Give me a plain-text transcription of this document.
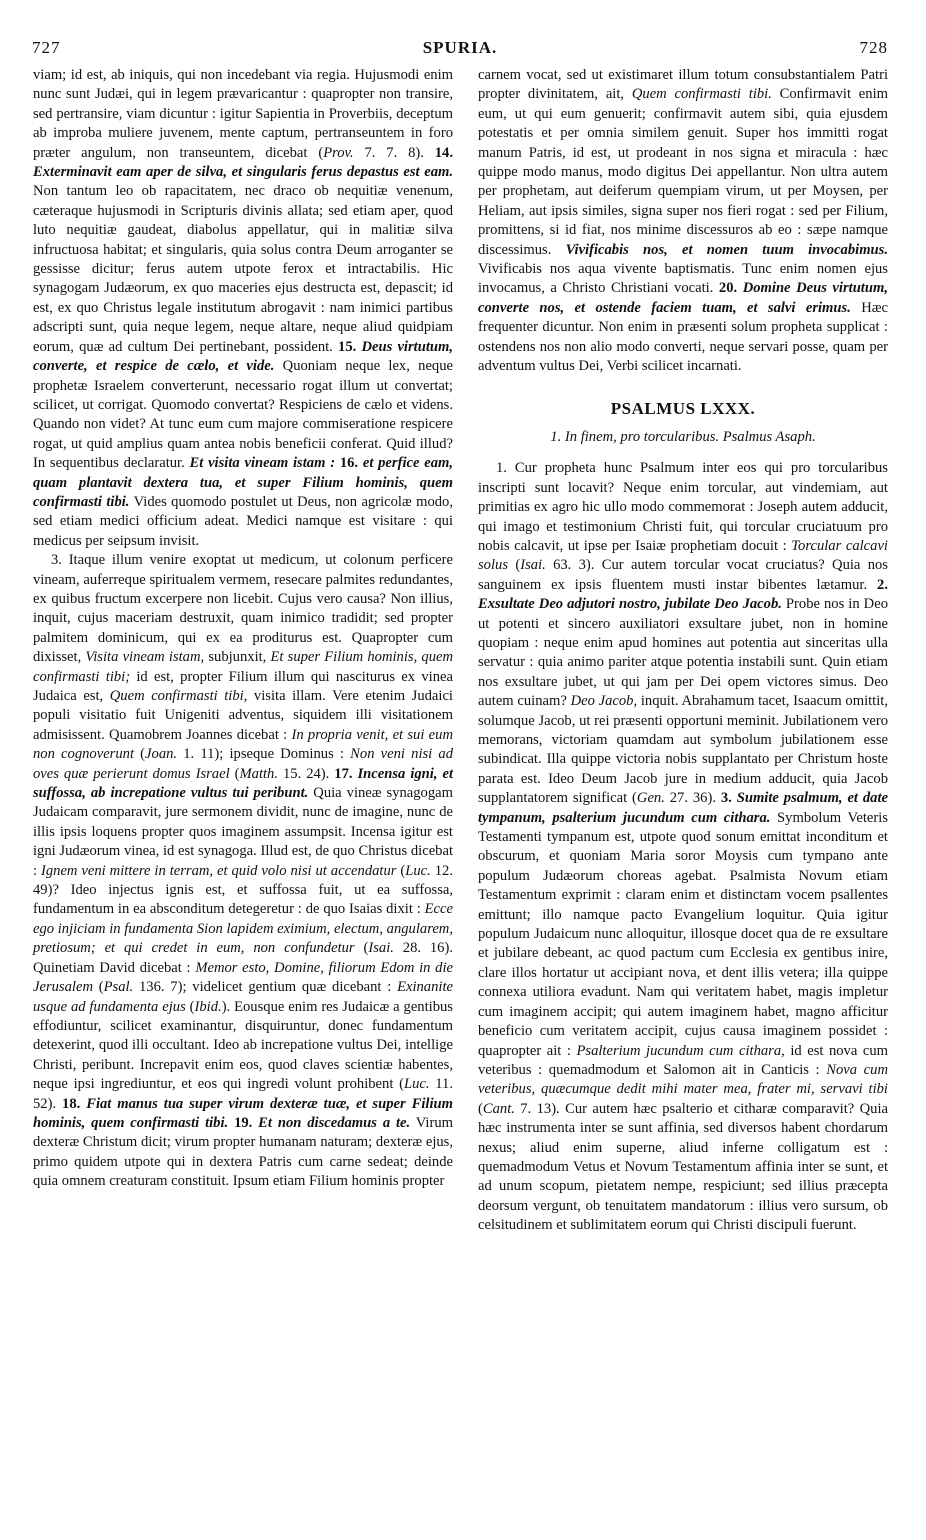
727	SPURIA.	728

viam; id est, ab iniquis, qui non incedebant via regia. Hujusmodi enim nunc sunt Judæi, qui in legem prævaricantur : quapropter non transire, sed pertransire, viam dicuntur : igitur Sapientia in Proverbiis, deceptum ab improba muliere juvenem, mente captum, pertranseuntem in foro præter angulum, non transeuntem, dicebat (Prov. 7. 7. 8). 14. Exterminavit eam aper de silva, et singularis ferus depastus est eam. Non tantum leo ob rapacitatem, nec draco ob nequitiæ venenum, cæteraque hujusmodi in Scripturis divinis allata; sed etiam aper, quod luto nequitiæ gaudeat, diabolus appellatur, qui in malitiæ silva infructuosa habitat; et singularis, quia solus contra Deum arroganter se gessisse dicitur; ferus autem utpote ferox et intractabilis. Hic synagogam Judæorum, ex quo maceries ejus destructa est, depascit; id est, ex quo Christus legale institutum abrogavit : nam inimici partibus adscripti sunt, quia neque legem, neque altare, neque aliud quidpiam eorum, quæ ad cultum Dei pertinebant, possident. 15. Deus virtutum, converte, et respice de cælo, et vide. Quoniam neque lex, neque prophetæ Israelem converterunt, necessario rogat illum ut convertat; scilicet, ut corrigat. Quomodo convertat? Respiciens de cælo et videns. Quando non videt? At tunc eum cum majore commiseratione respicere rogat, ut quid amplius quam antea nobis beneficii conferat. Quid illud? In sequentibus declaratur. Et visita vineam istam : 16. et perfice eam, quam plantavit dextera tua, et super Filium hominis, quem confirmasti tibi. Vides quomodo postulet ut Deus, non agricolæ modo, sed etiam medici officium adeat. Medici namque est visitare : qui medicus per seipsum invisit.

3. Itaque illum venire exoptat ut medicum, ut colonum perficere vineam, auferreque spiritualem vermem, resecare palmites redundantes, ex quibus fructum excerpere non licebit. Cujus vero causa? Non illius, inquit, cujus maceriam destruxit, quam inimico tradidit; sed propter palmitem dominicum, qui ex ea proditurus est. Quapropter cum dixisset, Visita vineam istam, subjunxit, Et super Filium hominis, quem confirmasti tibi; id est, propter Filium illum qui nasciturus ex vinea Judaica est, Quem confirmasti tibi, visita illam. Vere etenim Judaici populi visitatio fuit Unigeniti adventus, siquidem illi visitationem admisissent. Quamobrem Joannes dicebat : In propria venit, et sui eum non cognoverunt (Joan. 1. 11); ipseque Dominus : Non veni nisi ad oves quæ perierunt domus Israel (Matth. 15. 24). 17. Incensa igni, et suffossa, ab increpatione vultus tui peribunt. Quia vineæ synagogam Judaicam comparavit, jure sermonem dividit, nunc de imagine, nunc de illis ipsis loquens propter quos imaginem assumpsit. Incensa igitur est igni Judæorum vinea, id est synagoga. Illud est, de quo Christus dicebat : Ignem veni mittere in terram, et quid volo nisi ut accendatur (Luc. 12. 49)? Ideo injectus ignis est, et suffossa fuit, ut ea suffossa, fundamentum in ea absconditum detegeretur : de quo Isaias dixit : Ecce ego injiciam in fundamenta Sion lapidem eximium, electum, angularem, pretiosum; et qui credet in eum, non confundetur (Isai. 28. 16). Quinetiam David dicebat : Memor esto, Domine, filiorum Edom in die Jerusalem (Psal. 136. 7); videlicet gentium quæ dicebant : Exinanite usque ad fundamenta ejus (Ibid.). Eousque enim res Judaicæ a gentibus effodiuntur, scilicet examinantur, disquiruntur, donec fundamentum detexerint, quod illi occultant. Ideo ab increpatione vultus Dei, intellige Christi, peribunt. Increpavit enim eos, quod claves scientiæ habentes, neque ipsi ingrediuntur, et eos qui ingredi volunt prohibent (Luc. 11. 52). 18. Fiat manus tua super virum dexteræ tuæ, et super Filium hominis, quem confirmasti tibi. 19. Et non discedamus a te. Virum dexteræ Christum dicit; virum propter humanam naturam; dexteræ ejus, primo quidem utpote qui in dextera Patris cum carne sedeat; deinde quia omnem creaturam constituit. Ipsum etiam Filium hominis propter

carnem vocat, sed ut existimaret illum totum consubstantialem Patri propter divinitatem, ait, Quem confirmasti tibi. Confirmavit enim eum, ut qui eum genuerit; confirmavit autem sibi, quia ejusdem potestatis et per omnia similem genuit. Super hos immitti rogat manum Patris, id est, ut prodeant in nos signa et miracula : hæc quippe modo manus, modo digitus Dei appellantur. Non ultra autem per prophetam, aut deiferum quempiam virum, ut per Moysen, per Heliam, aut ipsis similes, signa super nos fieri rogat : sed per Filium, promittens, si id fiat, nos minime discessuros ab eo : sæpe namque discessimus. Vivificabis nos, et nomen tuum invocabimus. Vivificabis nos aqua vivente baptismatis. Tunc enim nomen ejus invocamus, a Christo Christiani vocati. 20. Domine Deus virtutum, converte nos, et ostende faciem tuam, et salvi erimus. Hæc frequenter dicuntur. Non enim in præsenti solum propheta supplicat : ostendens nos non alio modo converti, neque servari posse, quam per adventum vultus Dei, Verbi scilicet incarnati.

PSALMUS LXXX.
1. In finem, pro torcularibus. Psalmus Asaph.

1. Cur propheta hunc Psalmum inter eos qui pro torcularibus inscripti sunt locavit? Neque enim torcular, aut vindemiam, aut primitias ex agro hic ullo modo commemorat : Joseph autem adducit, qui imago et testimonium Christi fuit, qui torcular cruciatuum pro nobis calcavit, ut ipse per Isaiæ prophetiam docuit : Torcular calcavi solus (Isai. 63. 3). Cur autem torcular vocat cruciatus? Quia nos sanguinem ex ipsis fluentem musti instar bibentes lætamur. 2. Exsultate Deo adjutori nostro, jubilate Deo Jacob. Probe nos in Deo ut potenti et sincero auxiliatori exsultare jubet, non in homine quopiam : neque enim apud homines aut potentia aut sinceritas ulla servatur : quia animo pariter atque potentia instabili sunt. Quin etiam nos exsultare jubet, ut qui jam per Dei opem victores simus. Deo autem cuinam? Deo Jacob, inquit. Abrahamum tacet, Isaacum omittit, solumque Jacob, ut rei præsenti opportuni meminit. Jubilationem vero memorans, victoriam quamdam aut symbolum jubilationem esse subindicat. Illa quippe victoria nobis supplantato per Christum hoste parata est. Ideo Deum Jacob jure in medium adducit, quia Jacob supplantatorem significat (Gen. 27. 36). 3. Sumite psalmum, et date tympanum, psalterium jucundum cum cithara. Symbolum Veteris Testamenti tympanum est, utpote quod sonum emittat inconditum et obscurum, et quoniam Maria soror Moysis cum tympano ante populum Judæorum choreas agebat. Psalmista Novum etiam Testamentum exprimit : claram enim et distinctam vocem psallentes emittunt; illo namque pacto Evangelium loquitur. Quia igitur populum Judaicum nunc alloquitur, illosque docet qua de re exsultare et jubilare debeant, ac quod pactum cum Ecclesia ex gentibus inire, clare illos hortatur ut accipiant nova, et dent illis vetera; illa quippe connexa utiliora evadunt. Nam qui veritatem habet, magis impletur cum imaginem accipit; qui autem imaginem habet, magno afficitur beneficio cum veritatem accipit, cujus causa imaginem possidet : quapropter ait : Psalterium jucundum cum cithara, id est nova cum veteribus : quemadmodum et Salomon ait in Canticis : Nova cum veteribus, quæcumque dedit mihi mater mea, frater mi, servavi tibi (Cant. 7. 13). Cur autem hæc psalterio et citharæ comparavit? Quia hæc instrumenta inter se sunt affinia, sed diversos habent chordarum nexus; aliud enim superne, aliud inferne colligatum est : quemadmodum Vetus et Novum Testamentum affinia inter se sunt, et ad unum scopum, pietatem nempe, respiciunt; sed illius præcepta deorsum vergunt, ob tenuitatem mandatorum : illius vero sursum, ob celsitudinem et sublimitatem eorum qui Christi discipuli fuerunt.
